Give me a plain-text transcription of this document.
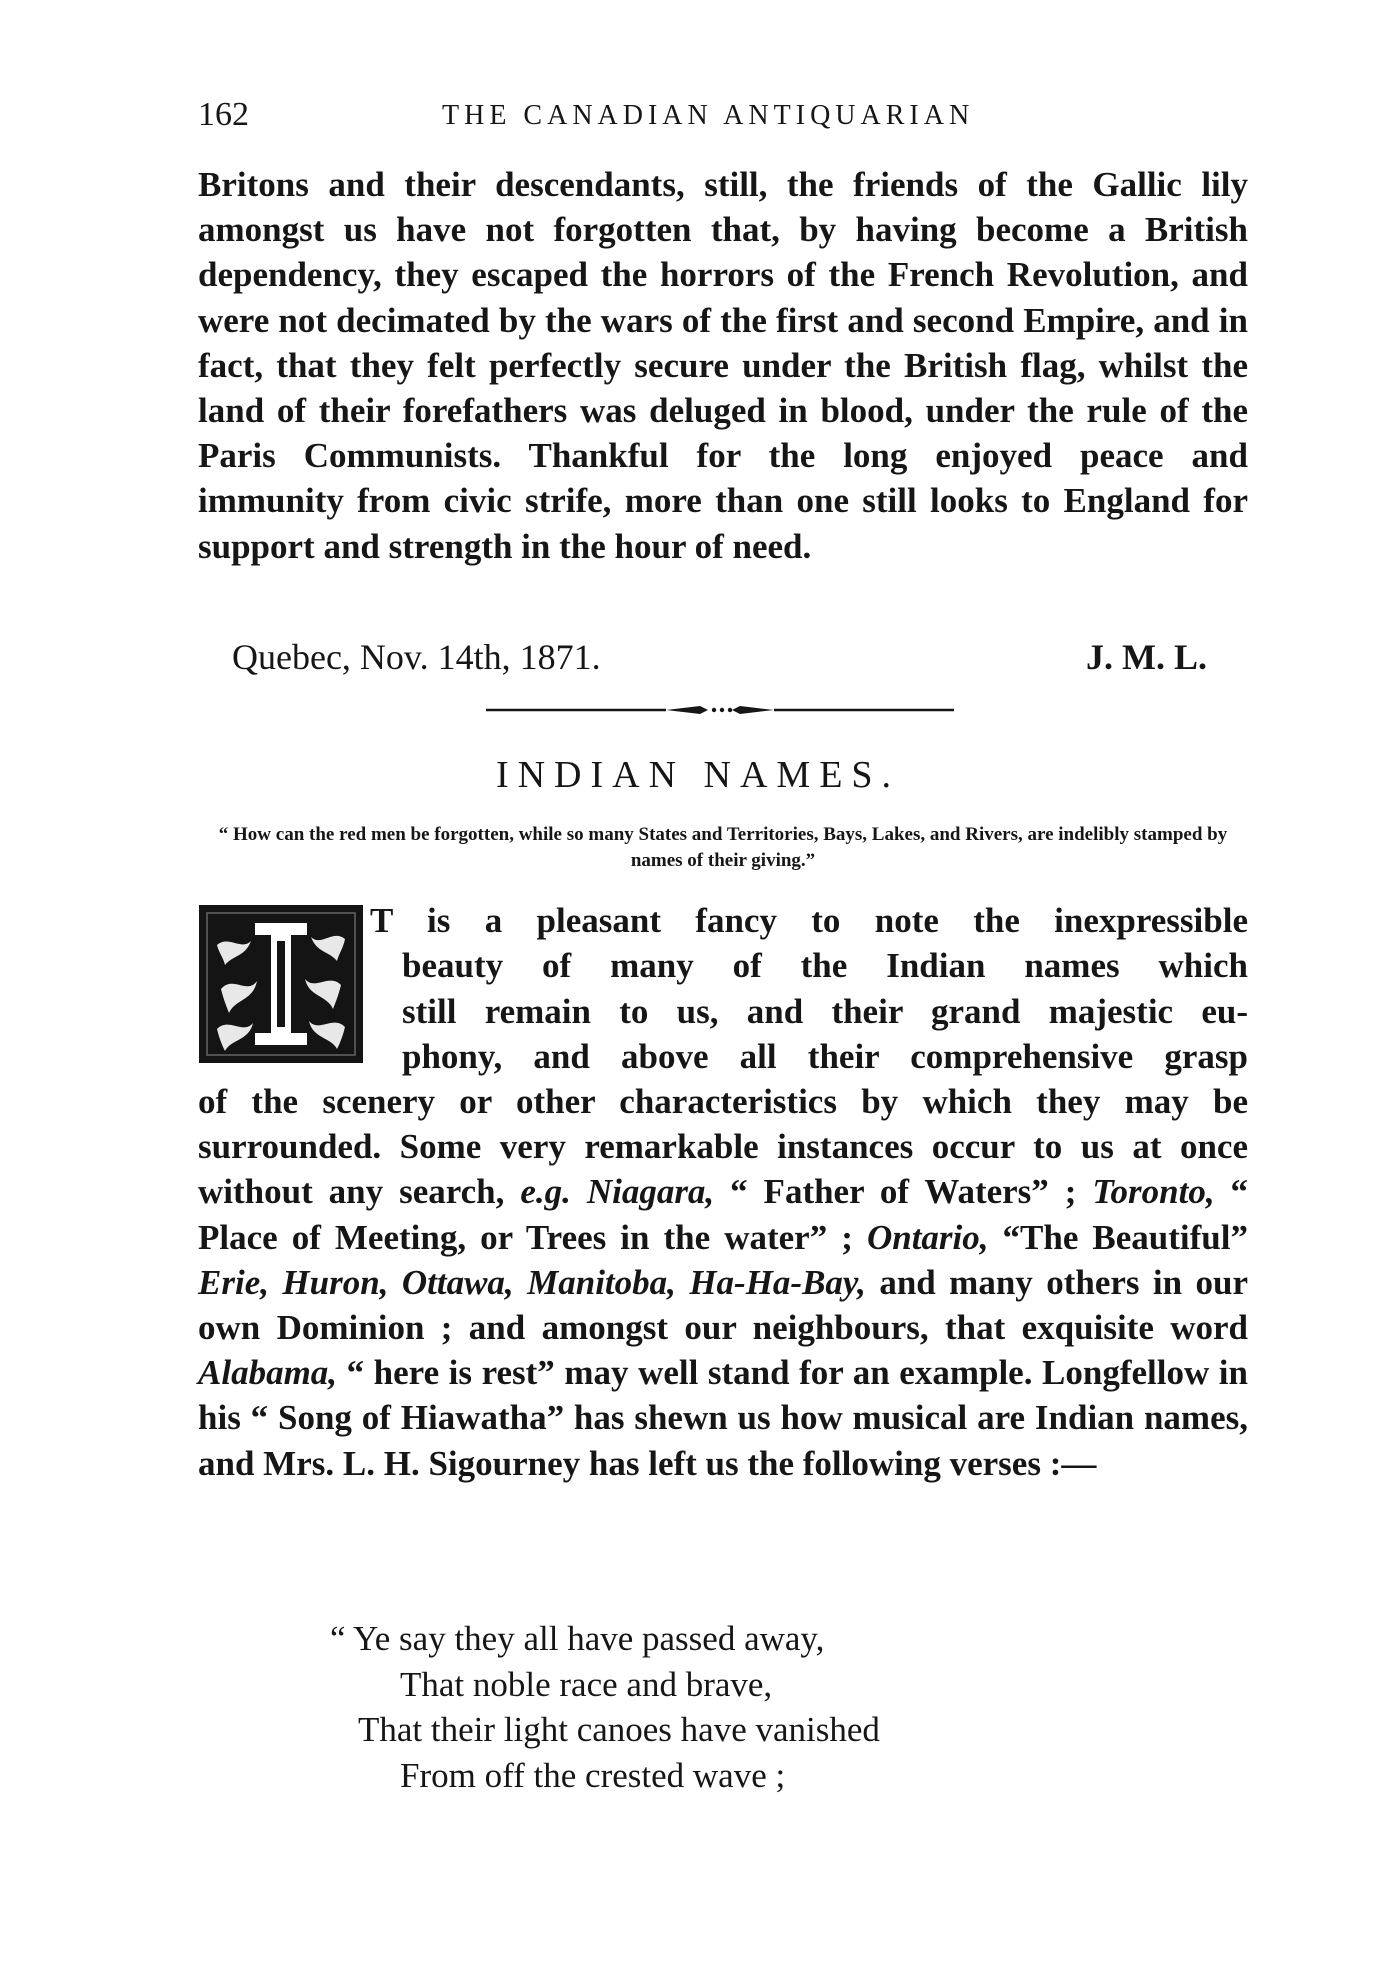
162	THE CANADIAN ANTIQUARIAN
Britons and their descendants, still, the friends of the Gallic lily amongst us have not forgotten that, by having become a British dependency, they escaped the horrors of the French Revolution, and were not decimated by the wars of the first and second Empire, and in fact, that they felt perfectly secure under the British flag, whilst the land of their forefathers was deluged in blood, under the rule of the Paris Communists. Thankful for the long enjoyed peace and immunity from civic strife, more than one still looks to England for support and strength in the hour of need.
Quebec, Nov. 14th, 1871.	J. M. L.
INDIAN NAMES.
“ How can the red men be forgotten, while so many States and Territories, Bays, Lakes, and Rivers, are indelibly stamped by names of their giving.”
T is a pleasant fancy to note the inexpressible
beauty of many of the Indian names which
still remain to us, and their grand majestic eu-
phony, and above all their comprehensive grasp
of the scenery or other characteristics by which they may be surrounded. Some very remarkable instances occur to us at once without any search, e.g. Niagara, “ Father of Waters” ; Toronto, “ Place of Meeting, or Trees in the water” ; Ontario, “The Beautiful” Erie, Huron, Ottawa, Manitoba, Ha-Ha-Bay, and many others in our own Dominion ; and amongst our neighbours, that exquisite word Alabama, “ here is rest” may well stand for an example. Longfellow in his “ Song of Hiawatha” has shewn us how musical are Indian names, and Mrs. L. H. Sigourney has left us the following verses :—
“ Ye say they all have passed away,
That noble race and brave,
That their light canoes have vanished
From off the crested wave ;
